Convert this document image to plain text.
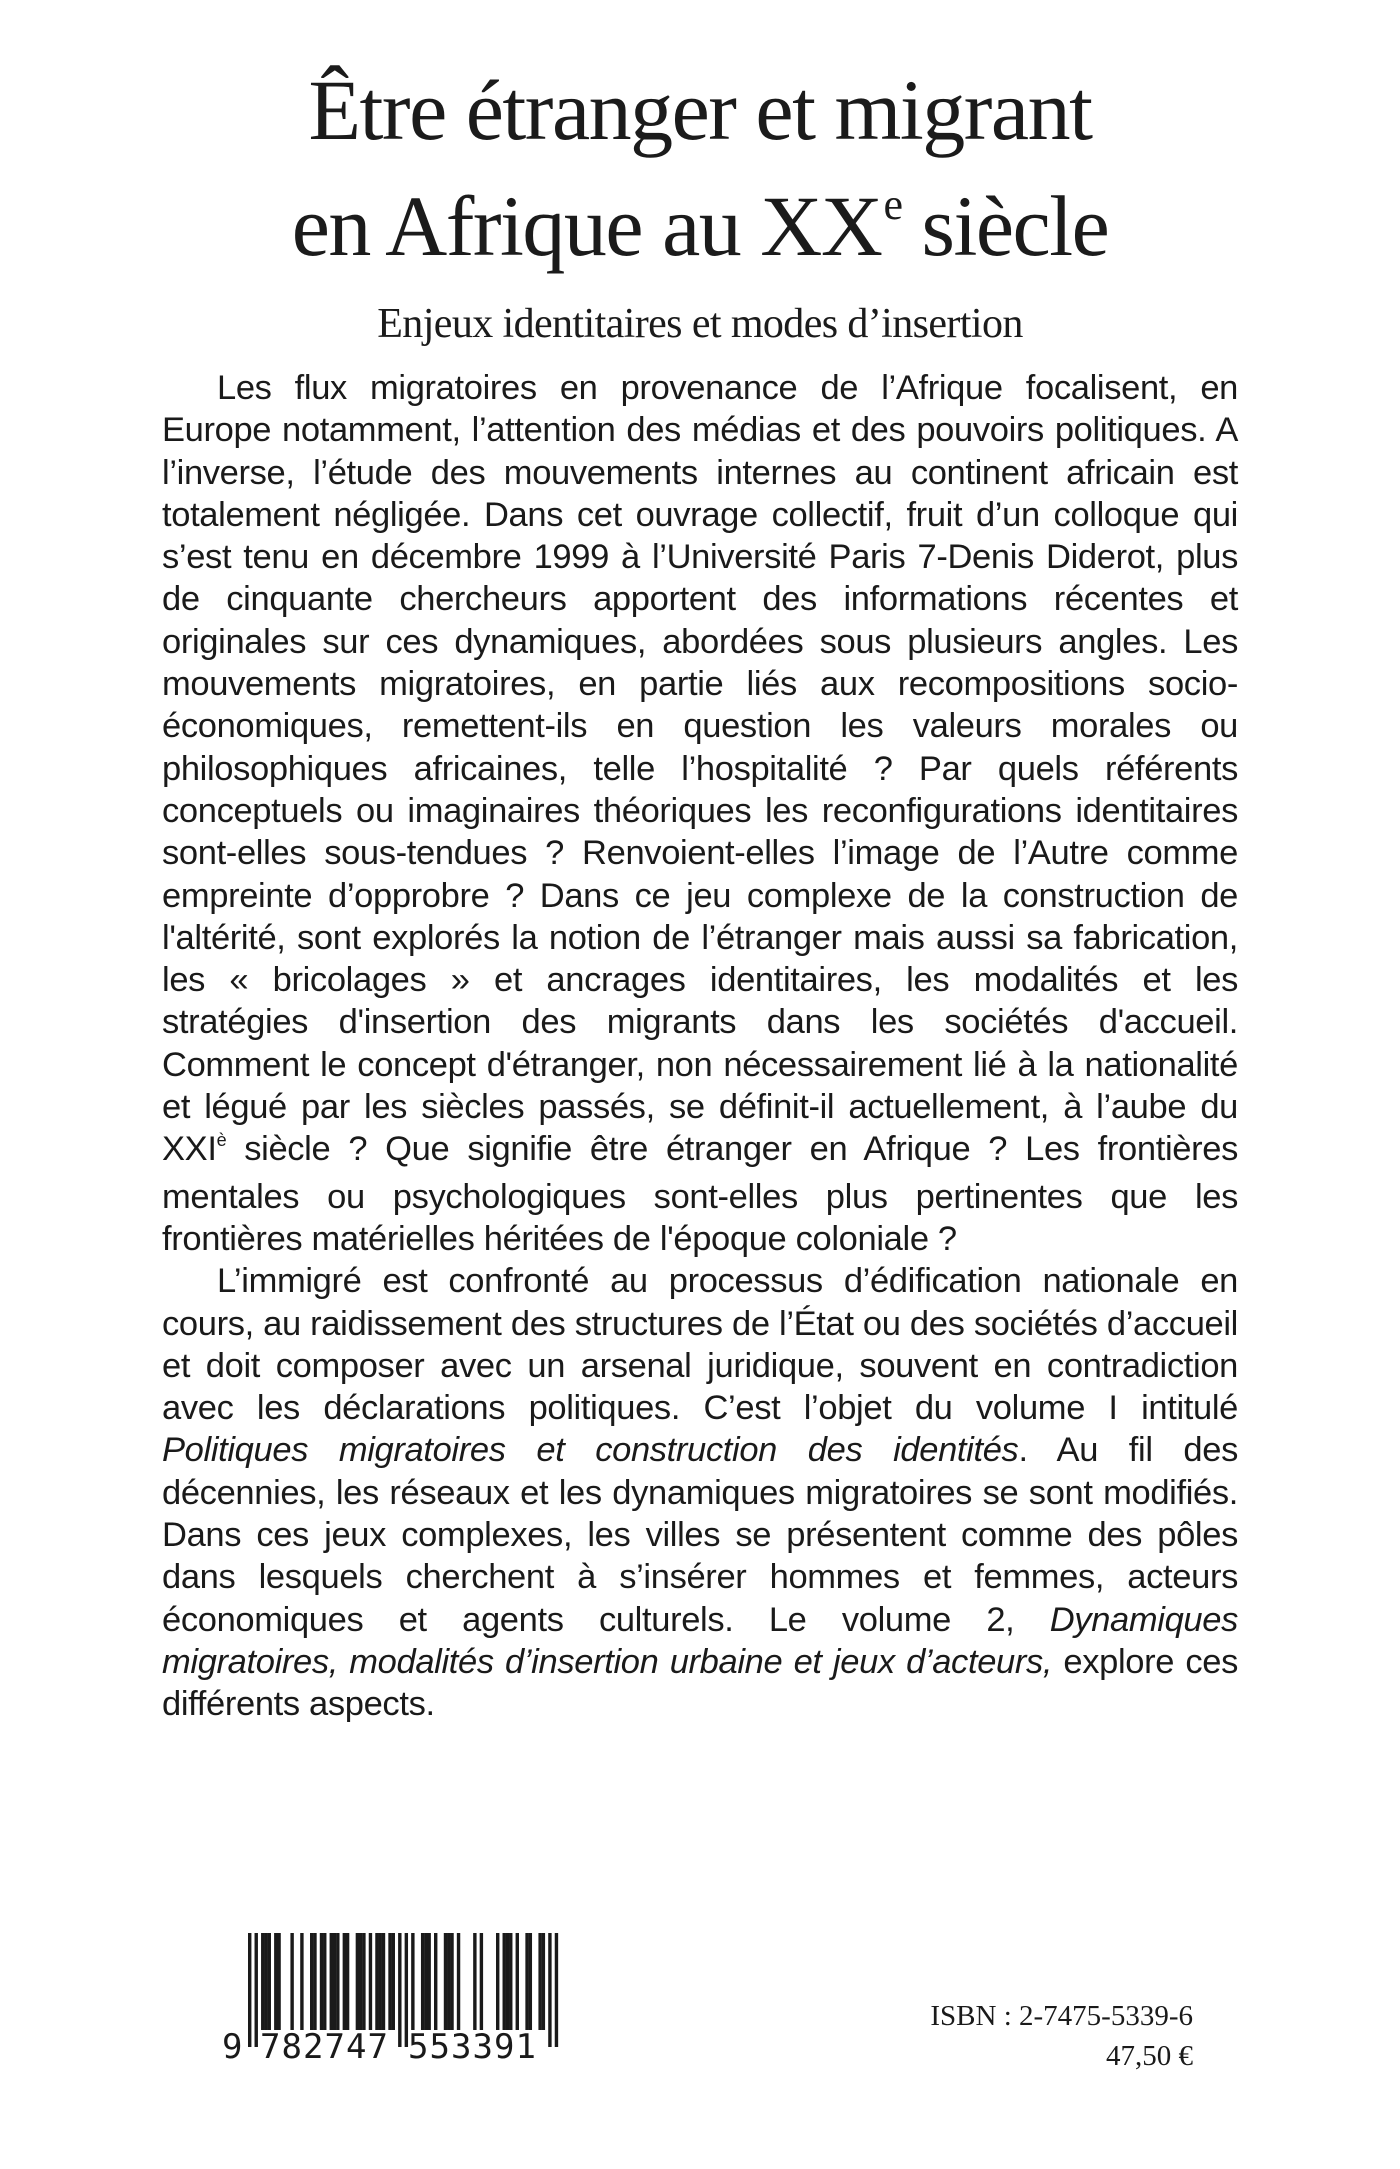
Être étranger et migrant
en Afrique au XXe siècle
Enjeux identitaires et modes d’insertion

Les flux migratoires en provenance de l’Afrique focalisent, en Europe notamment, l’attention des médias et des pouvoirs politiques. A l’inverse, l’étude des mouvements internes au continent africain est totalement négligée. Dans cet ouvrage collectif, fruit d’un colloque qui s’est tenu en décembre 1999 à l’Université Paris 7-Denis Diderot, plus de cinquante chercheurs apportent des informations récentes et originales sur ces dynamiques, abordées sous plusieurs angles. Les mouvements migratoires, en partie liés aux recompositions socio-économiques, remettent-ils en question les valeurs morales ou philosophiques africaines, telle l’hospitalité ? Par quels référents conceptuels ou imaginaires théoriques les reconfigurations identitaires sont-elles sous-tendues ? Renvoient-elles l’image de l’Autre comme empreinte d’opprobre ? Dans ce jeu complexe de la construction de l'altérité, sont explorés la notion de l’étranger mais aussi sa fabrication, les « bricolages » et ancrages identitaires, les modalités et les stratégies d'insertion des migrants dans les sociétés d'accueil. Comment le concept d'étranger, non nécessairement lié à la nationalité et légué par les siècles passés, se définit-il actuellement, à l’aube du $XXI^è$ siècle ? Que signifie être étranger en Afrique ? Les frontières mentales ou psychologiques sont-elles plus pertinentes que les frontières matérielles héritées de l'époque coloniale ?

L’immigré est confronté au processus d’édification nationale en cours, au raidissement des structures de l’État ou des sociétés d’accueil et doit composer avec un arsenal juridique, souvent en contradiction avec les déclarations politiques. C’est l’objet du volume I intitulé Politiques migratoires et construction des identités. Au fil des décennies, les réseaux et les dynamiques migratoires se sont modifiés. Dans ces jeux complexes, les villes se présentent comme des pôles dans lesquels cherchent à s’insérer hommes et femmes, acteurs économiques et agents culturels. Le volume 2, Dynamiques migratoires, modalités d’insertion urbaine et jeux d’acteurs, explore ces différents aspects.

9 782747 553391
ISBN : 2-7475-5339-6
47,50 €
